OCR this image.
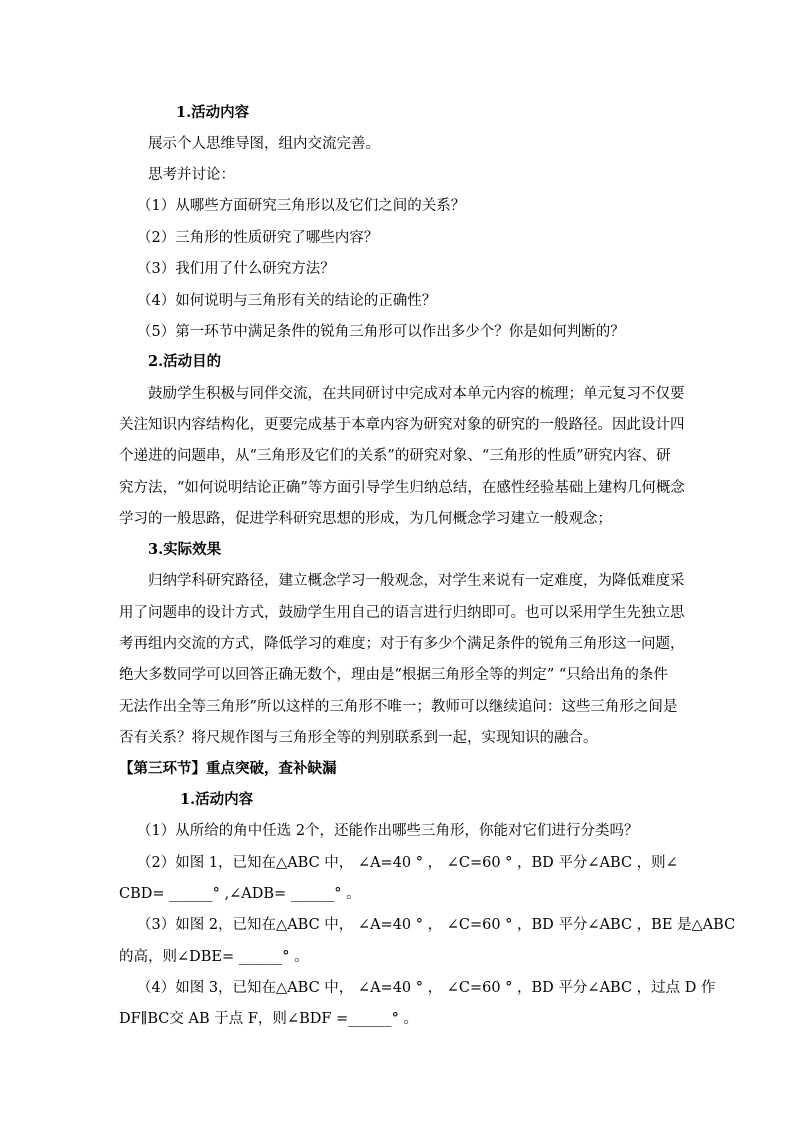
1.活动内容
展示个人思维导图，组内交流完善。
思考并讨论：
（1）从哪些方面研究三角形以及它们之间的关系？
（2）三角形的性质研究了哪些内容？
（3）我们用了什么研究方法？
（4）如何说明与三角形有关的结论的正确性？
（5）第一环节中满足条件的锐角三角形可以作出多少个？你是如何判断的？
2.活动目的
鼓励学生积极与同伴交流，在共同研讨中完成对本单元内容的梳理；单元复习不仅要
关注知识内容结构化，更要完成基于本章内容为研究对象的研究的一般路径。因此设计四
个递进的问题串，从“三角形及它们的关系”的研究对象、“三角形的性质”研究内容、研
究方法，“如何说明结论正确”等方面引导学生归纳总结，在感性经验基础上建构几何概念
学习的一般思路，促进学科研究思想的形成，为几何概念学习建立一般观念；
3.实际效果
归纳学科研究路径，建立概念学习一般观念，对学生来说有一定难度，为降低难度采
用了问题串的设计方式，鼓励学生用自己的语言进行归纳即可。也可以采用学生先独立思
考再组内交流的方式，降低学习的难度；对于有多少个满足条件的锐角三角形这一问题，
绝大多数同学可以回答正确无数个，理由是“根据三角形全等的判定” “只给出角的条件
无法作出全等三角形”所以这样的三角形不唯一；教师可以继续追问：这些三角形之间是
否有关系？将尺规作图与三角形全等的判别联系到一起，实现知识的融合。
【第三环节】重点突破，查补缺漏
1.活动内容
（1）从所给的角中任选 2个，还能作出哪些三角形，你能对它们进行分类吗？
（2）如图 1，已知在△ABC 中， ∠A=40 ° ， ∠C=60 ° ，BD 平分∠ABC ，则∠
CBD= ______° ,∠ADB= ______° 。
（3）如图 2，已知在△ABC 中， ∠A=40 ° ， ∠C=60 ° ，BD 平分∠ABC ，BE 是△ABC
的高，则∠DBE= ______° 。
（4）如图 3，已知在△ABC 中， ∠A=40 ° ， ∠C=60 ° ，BD 平分∠ABC ，过点 D 作
DF∥BC交 AB 于点 F，则∠BDF =______° 。
